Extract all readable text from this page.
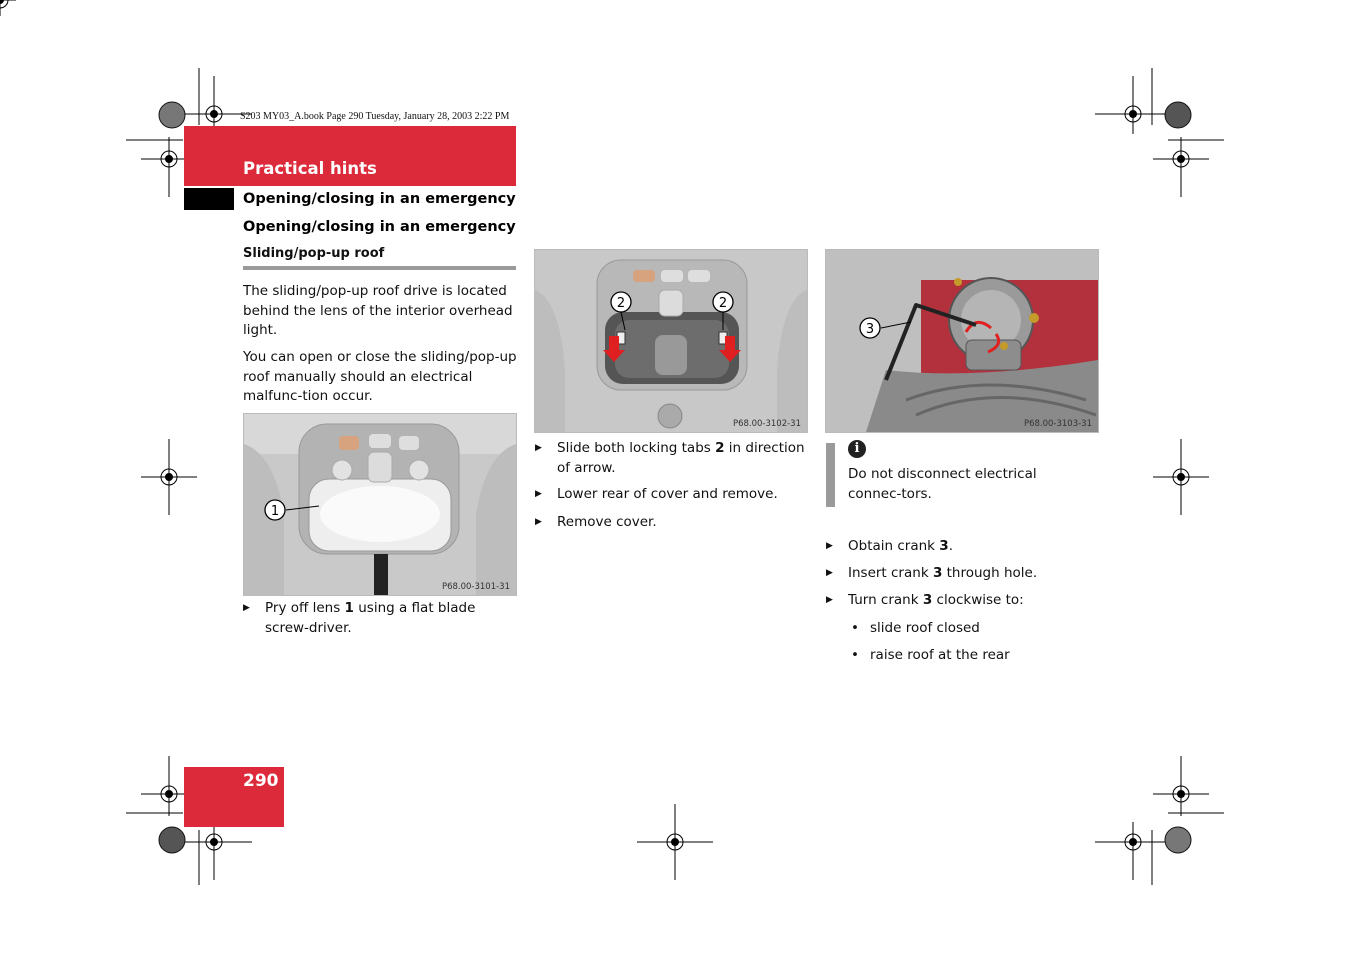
S203 MY03_A.book Page 290 Tuesday, January 28, 2003 2:22 PM
Practical hints
Opening/closing in an emergency
Opening/closing in an emergency
Sliding/pop-up roof
The sliding/pop-up roof drive is located behind the lens of the interior overhead light.
You can open or close the sliding/pop-up roof manually should an electrical malfunc-tion occur.
1
P68.00-3101-31
▶ Pry off lens 1 using a flat blade screw-driver.
2	2
P68.00-3102-31
▶ Slide both locking tabs 2 in direction of arrow.
▶ Lower rear of cover and remove.
▶ Remove cover.
3
P68.00-3103-31
i
Do not disconnect electrical connec-tors.
▶ Obtain crank 3.
▶ Insert crank 3 through hole.
▶ Turn crank 3 clockwise to:
• slide roof closed
• raise roof at the rear
290
